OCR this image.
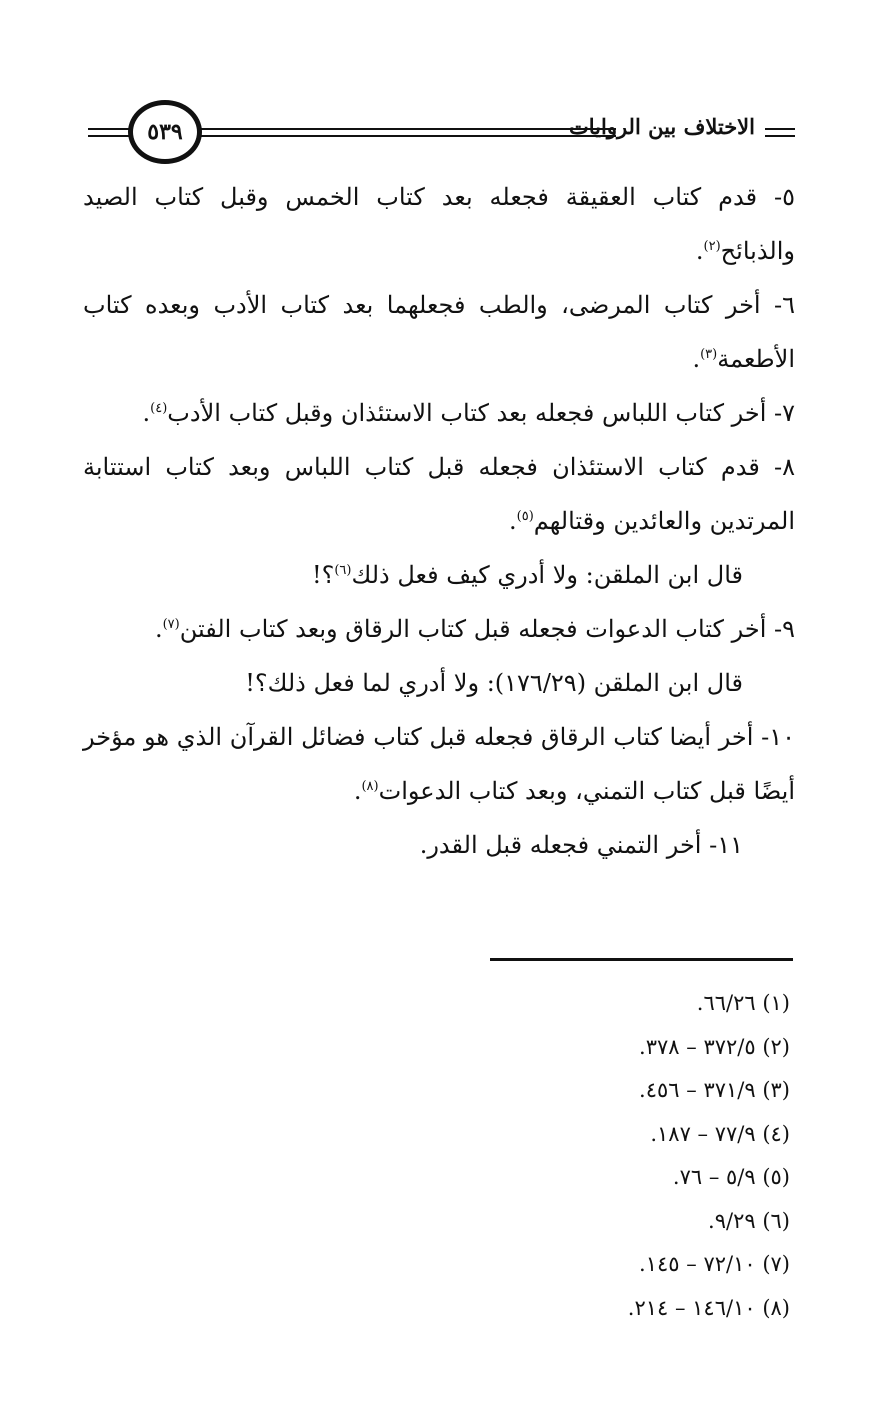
٥٣٩	الاختلاف بين الروايات

٥- قدم كتاب العقيقة فجعله بعد كتاب الخمس وقبل كتاب الصيد والذبائح$^{(٢)}$.

٦- أخر كتاب المرضى، والطب فجعلهما بعد كتاب الأدب وبعده كتاب الأطعمة$^{(٣)}$.

٧- أخر كتاب اللباس فجعله بعد كتاب الاستئذان وقبل كتاب الأدب$^{(٤)}$.

٨- قدم كتاب الاستئذان فجعله قبل كتاب اللباس وبعد كتاب استتابة المرتدين والعائدين وقتالهم$^{(٥)}$.

قال ابن الملقن: ولا أدري كيف فعل ذلك$^{(٦)}$؟!

٩- أخر كتاب الدعوات فجعله قبل كتاب الرقاق وبعد كتاب الفتن$^{(٧)}$.

قال ابن الملقن (١٧٦/٢٩): ولا أدري لما فعل ذلك؟!

١٠- أخر أيضا كتاب الرقاق فجعله قبل كتاب فضائل القرآن الذي هو مؤخر أيضًا قبل كتاب التمني، وبعد كتاب الدعوات$^{(٨)}$.

١١- أخر التمني فجعله قبل القدر.

(١) ٦٦/٢٦.
(٢) ٣٧٢/٥ – ٣٧٨.
(٣) ٣٧١/٩ – ٤٥٦.
(٤) ٧٧/٩ – ١٨٧.
(٥) ٥/٩ – ٧٦.
(٦) ٩/٢٩.
(٧) ٧٢/١٠ – ١٤٥.
(٨) ١٤٦/١٠ – ٢١٤.
